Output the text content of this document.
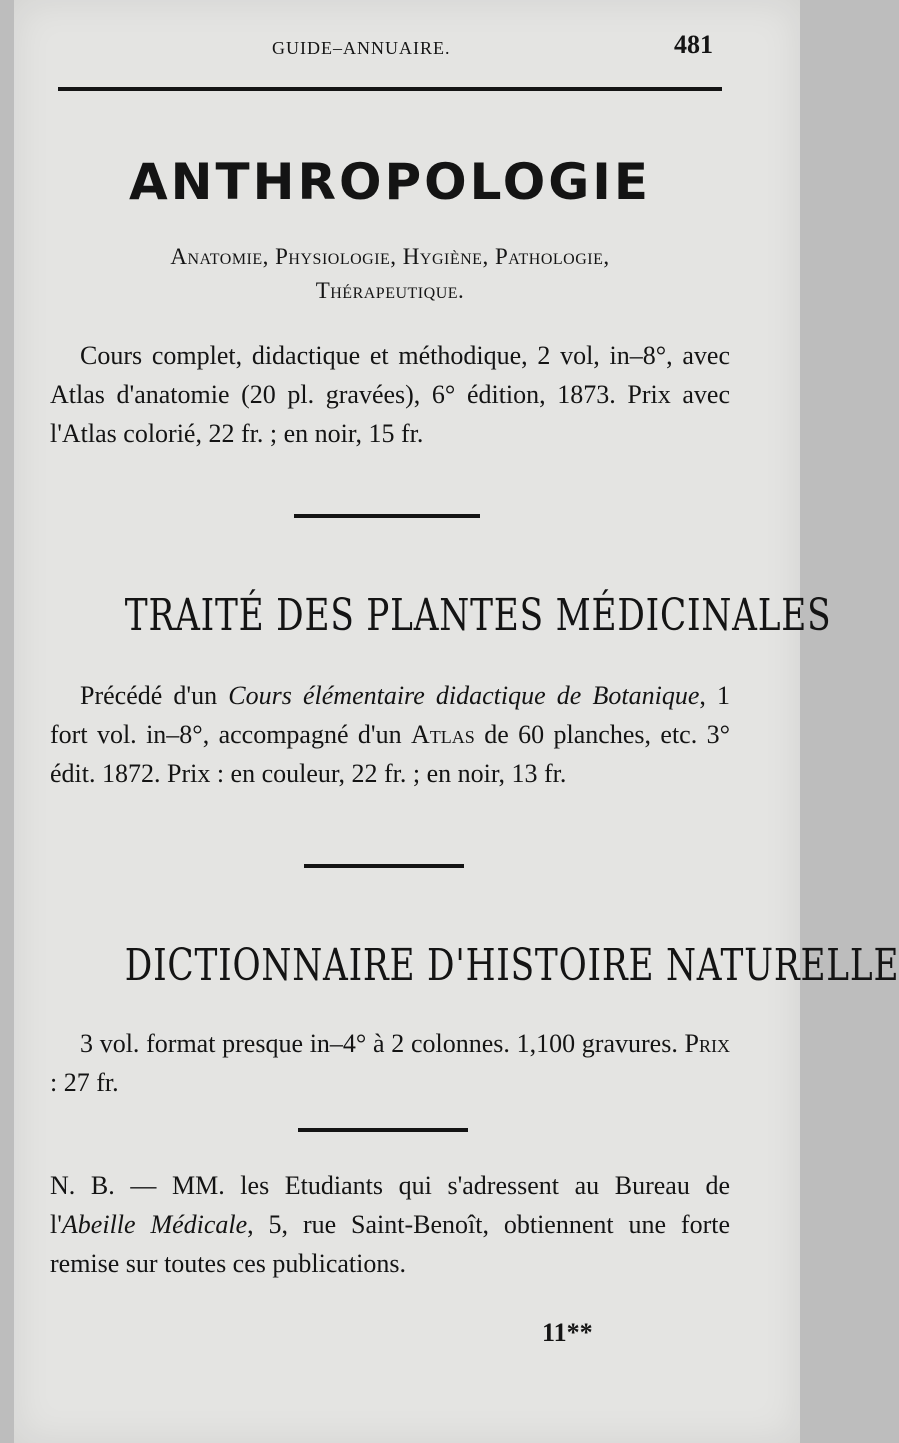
GUIDE–ANNUAIRE.	481
ANTHROPOLOGIE
Anatomie, Physiologie, Hygiène, Pathologie,
Thérapeutique.

Cours complet, didactique et méthodique, 2 vol, in–8°, avec Atlas d'anatomie (20 pl. gravées), 6° édition, 1873. Prix avec l'Atlas colorié, 22 fr. ; en noir, 15 fr.

TRAITÉ DES PLANTES MÉDICINALES

Précédé d'un Cours élémentaire didactique de Botanique, 1 fort vol. in–8°, accompagné d'un Atlas de 60 planches, etc. 3° édit. 1872. Prix : en couleur, 22 fr. ; en noir, 13 fr.

DICTIONNAIRE D'HISTOIRE NATURELLE

3 vol. format presque in–4° à 2 colonnes. 1,100 gravures. Prix : 27 fr.

N. B. — MM. les Etudiants qui s'adressent au Bureau de l'Abeille Médicale, 5, rue Saint-Benoît, obtiennent une forte remise sur toutes ces publications.

11**
